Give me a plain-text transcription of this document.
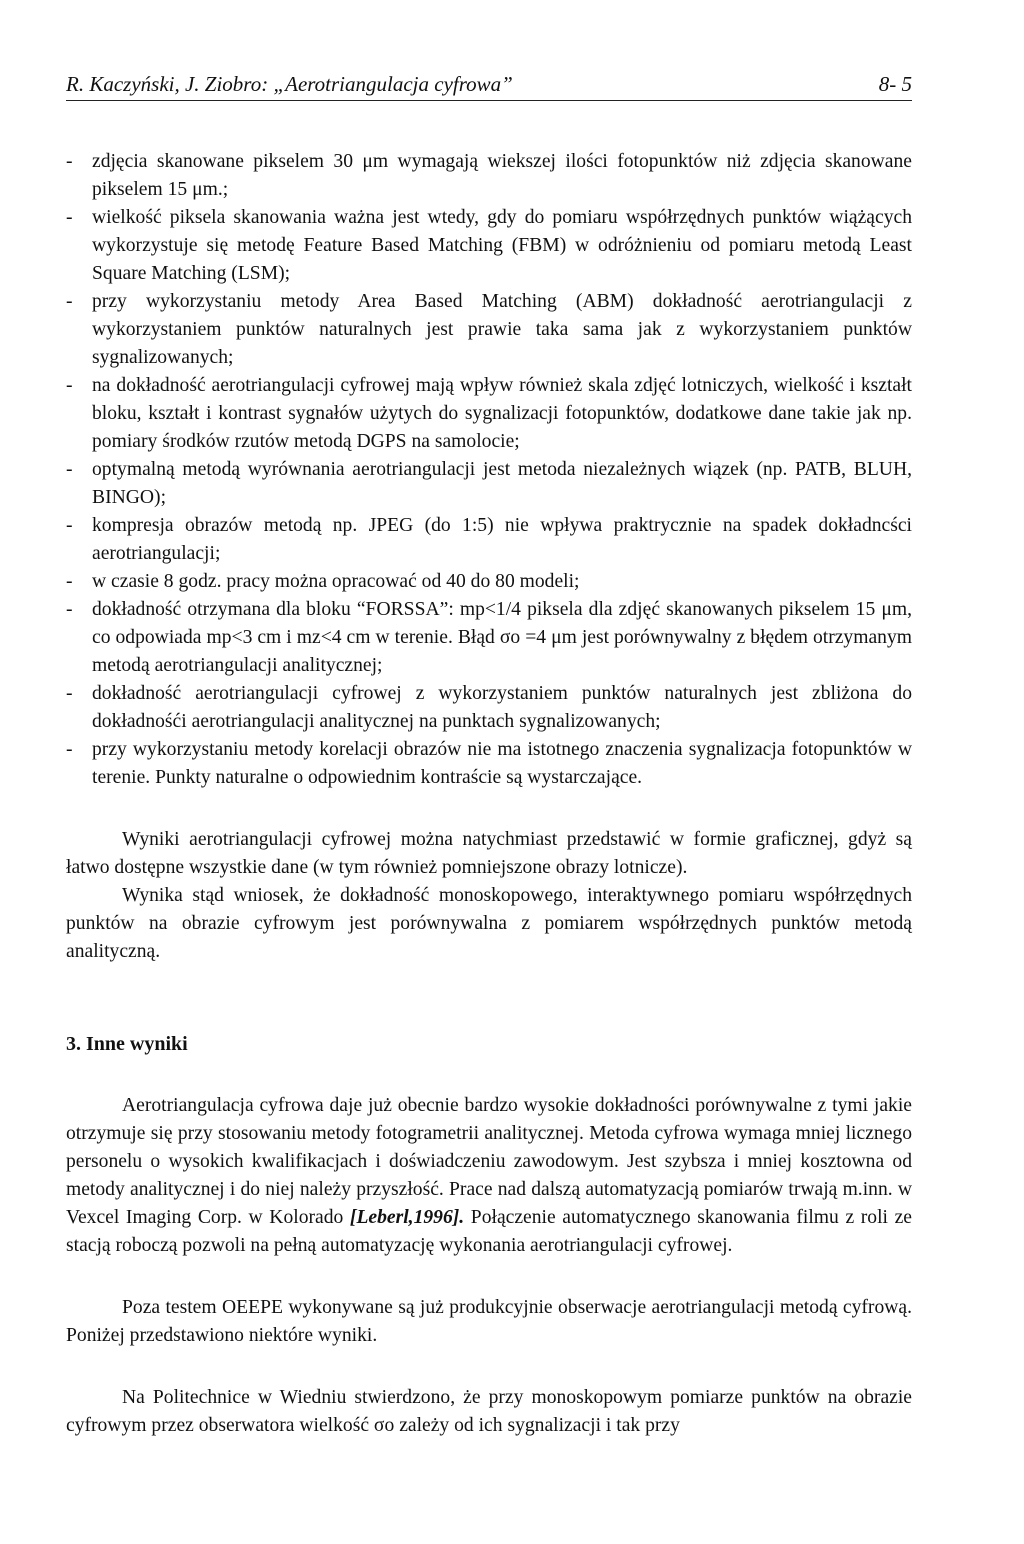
R. Kaczyński, J. Ziobro: „Aerotriangulacja cyfrowa”	8- 5
- zdjęcia skanowane pikselem 30 μm wymagają wiekszej ilości fotopunktów niż zdjęcia skanowane pikselem 15 μm.;
- wielkość piksela skanowania ważna jest wtedy, gdy do pomiaru współrzędnych punktów wiążących wykorzystuje się metodę Feature Based Matching (FBM) w odróżnieniu od pomiaru metodą Least Square Matching (LSM);
- przy wykorzystaniu metody Area Based Matching (ABM) dokładność aerotriangulacji z wykorzystaniem punktów naturalnych jest prawie taka sama jak z wykorzystaniem punktów sygnalizowanych;
- na dokładność aerotriangulacji cyfrowej mają wpływ również skala zdjęć lotniczych, wielkość i kształt bloku, kształt i kontrast sygnałów użytych do sygnalizacji fotopunktów, dodatkowe dane takie jak np. pomiary środków rzutów metodą DGPS na samolocie;
- optymalną metodą wyrównania aerotriangulacji jest metoda niezależnych wiązek (np. PATB, BLUH, BINGO);
- kompresja obrazów metodą np. JPEG (do 1:5) nie wpływa praktrycznie na spadek dokładncści aerotriangulacji;
- w czasie 8 godz. pracy można opracować od 40 do 80 modeli;
- dokładność otrzymana dla bloku “FORSSA”: mp<1/4 piksela dla zdjęć skanowanych pikselem 15 μm, co odpowiada mp<3 cm i mz<4 cm w terenie. Błąd σo =4 μm jest porównywalny z błędem otrzymanym metodą aerotriangulacji analitycznej;
- dokładność aerotriangulacji cyfrowej z wykorzystaniem punktów naturalnych jest zbliżona do dokładnośći aerotriangulacji analitycznej na punktach sygnalizowanych;
- przy wykorzystaniu metody korelacji obrazów nie ma istotnego znaczenia sygnalizacja fotopunktów w terenie. Punkty naturalne o odpowiednim kontraście są wystarczające.

Wyniki aerotriangulacji cyfrowej można natychmiast przedstawić w formie graficznej, gdyż są łatwo dostępne wszystkie dane (w tym również pomniejszone obrazy lotnicze).

Wynika stąd wniosek, że dokładność monoskopowego, interaktywnego pomiaru współrzędnych punktów na obrazie cyfrowym jest porównywalna z pomiarem współrzędnych punktów metodą analityczną.

3. Inne wyniki

Aerotriangulacja cyfrowa daje już obecnie bardzo wysokie dokładności porównywalne z tymi jakie otrzymuje się przy stosowaniu metody fotogrametrii analitycznej. Metoda cyfrowa wymaga mniej licznego personelu o wysokich kwalifikacjach i doświadczeniu zawodowym. Jest szybsza i mniej kosztowna od metody analitycznej i do niej należy przyszłość. Prace nad dalszą automatyzacją pomiarów trwają m.inn. w Vexcel Imaging Corp. w Kolorado [Leberl,1996]. Połączenie automatycznego skanowania filmu z roli ze stacją roboczą pozwoli na pełną automatyzację wykonania aerotriangulacji cyfrowej.

Poza testem OEEPE wykonywane są już produkcyjnie obserwacje aerotriangulacji metodą cyfrową. Poniżej przedstawiono niektóre wyniki.

Na Politechnice w Wiedniu stwierdzono, że przy monoskopowym pomiarze punktów na obrazie cyfrowym przez obserwatora wielkość σo zależy od ich sygnalizacji i tak przy
